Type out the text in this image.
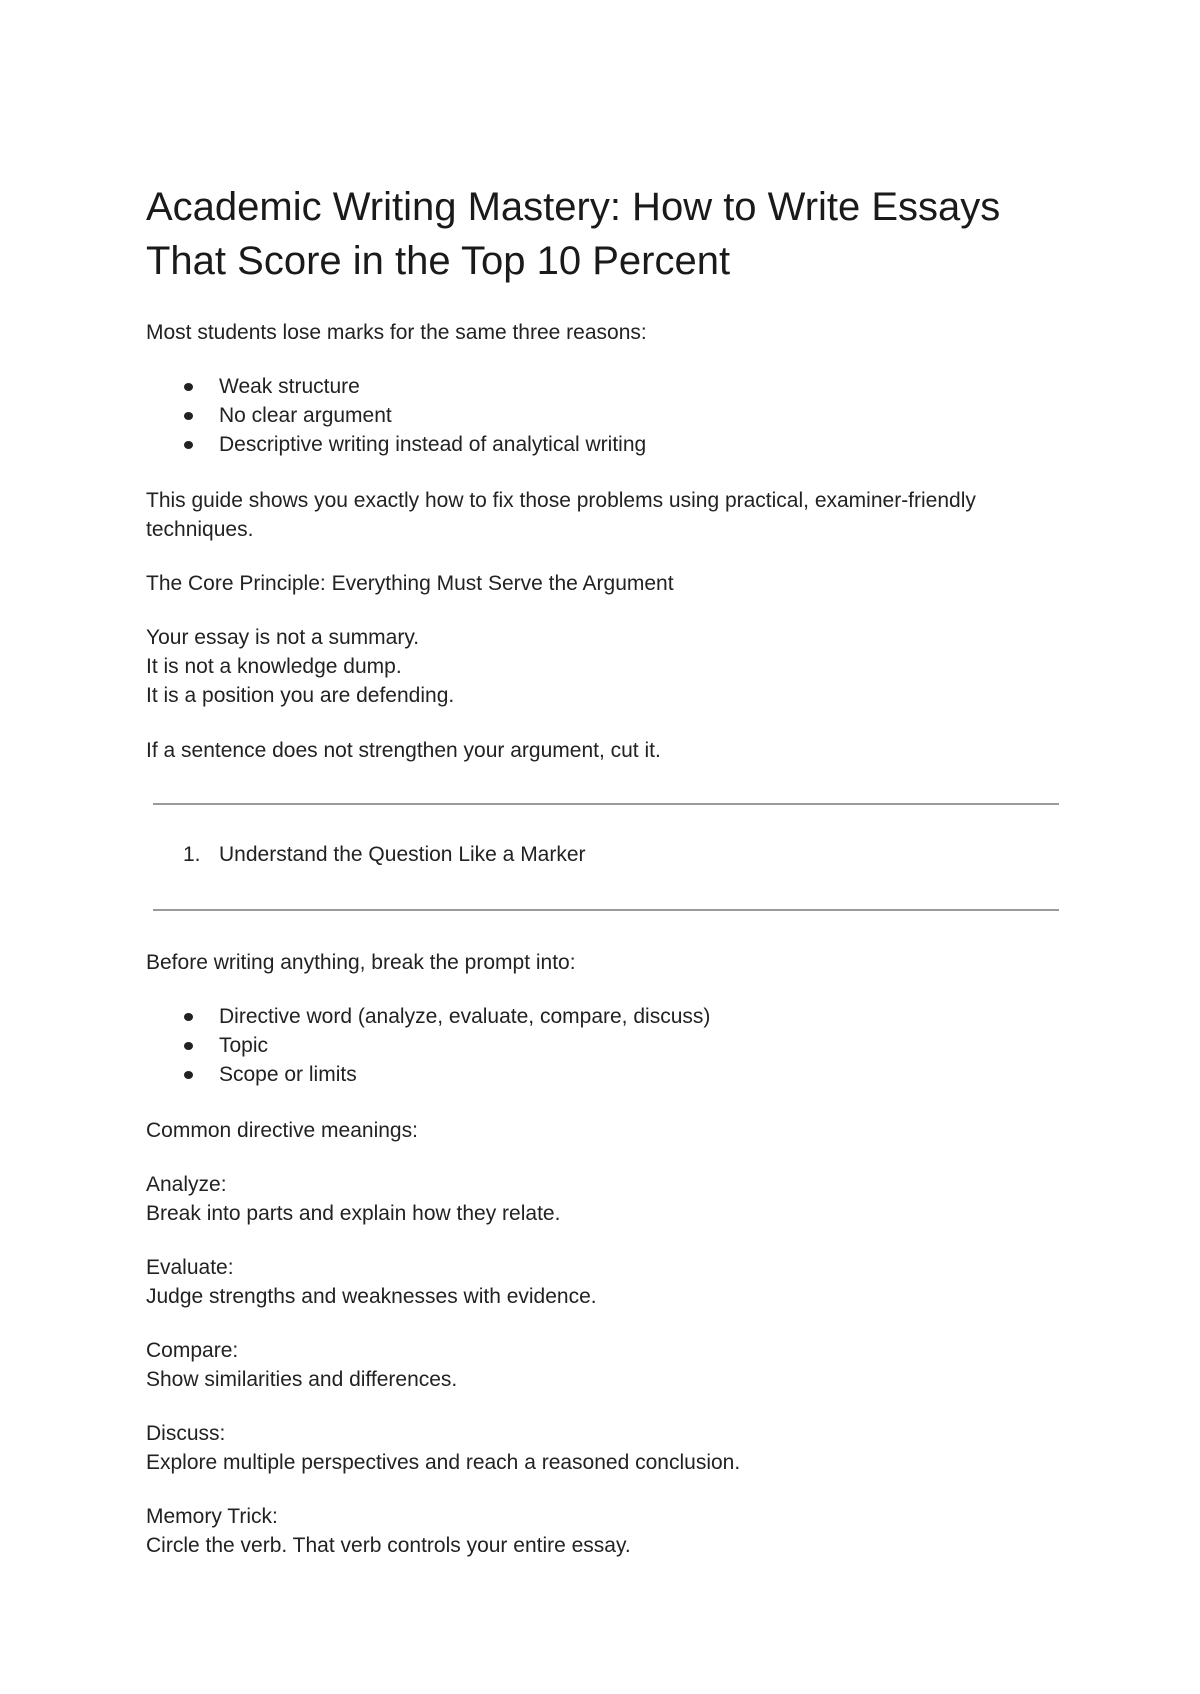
Academic Writing Mastery: How to Write Essays That Score in the Top 10 Percent

Most students lose marks for the same three reasons:

Weak structure
No clear argument
Descriptive writing instead of analytical writing

This guide shows you exactly how to fix those problems using practical, examiner-friendly techniques.

The Core Principle: Everything Must Serve the Argument

Your essay is not a summary.
It is not a knowledge dump.
It is a position you are defending.

If a sentence does not strengthen your argument, cut it.

1. Understand the Question Like a Marker

Before writing anything, break the prompt into:

Directive word (analyze, evaluate, compare, discuss)
Topic
Scope or limits

Common directive meanings:

Analyze:
Break into parts and explain how they relate.

Evaluate:
Judge strengths and weaknesses with evidence.

Compare:
Show similarities and differences.

Discuss:
Explore multiple perspectives and reach a reasoned conclusion.

Memory Trick:
Circle the verb. That verb controls your entire essay.
